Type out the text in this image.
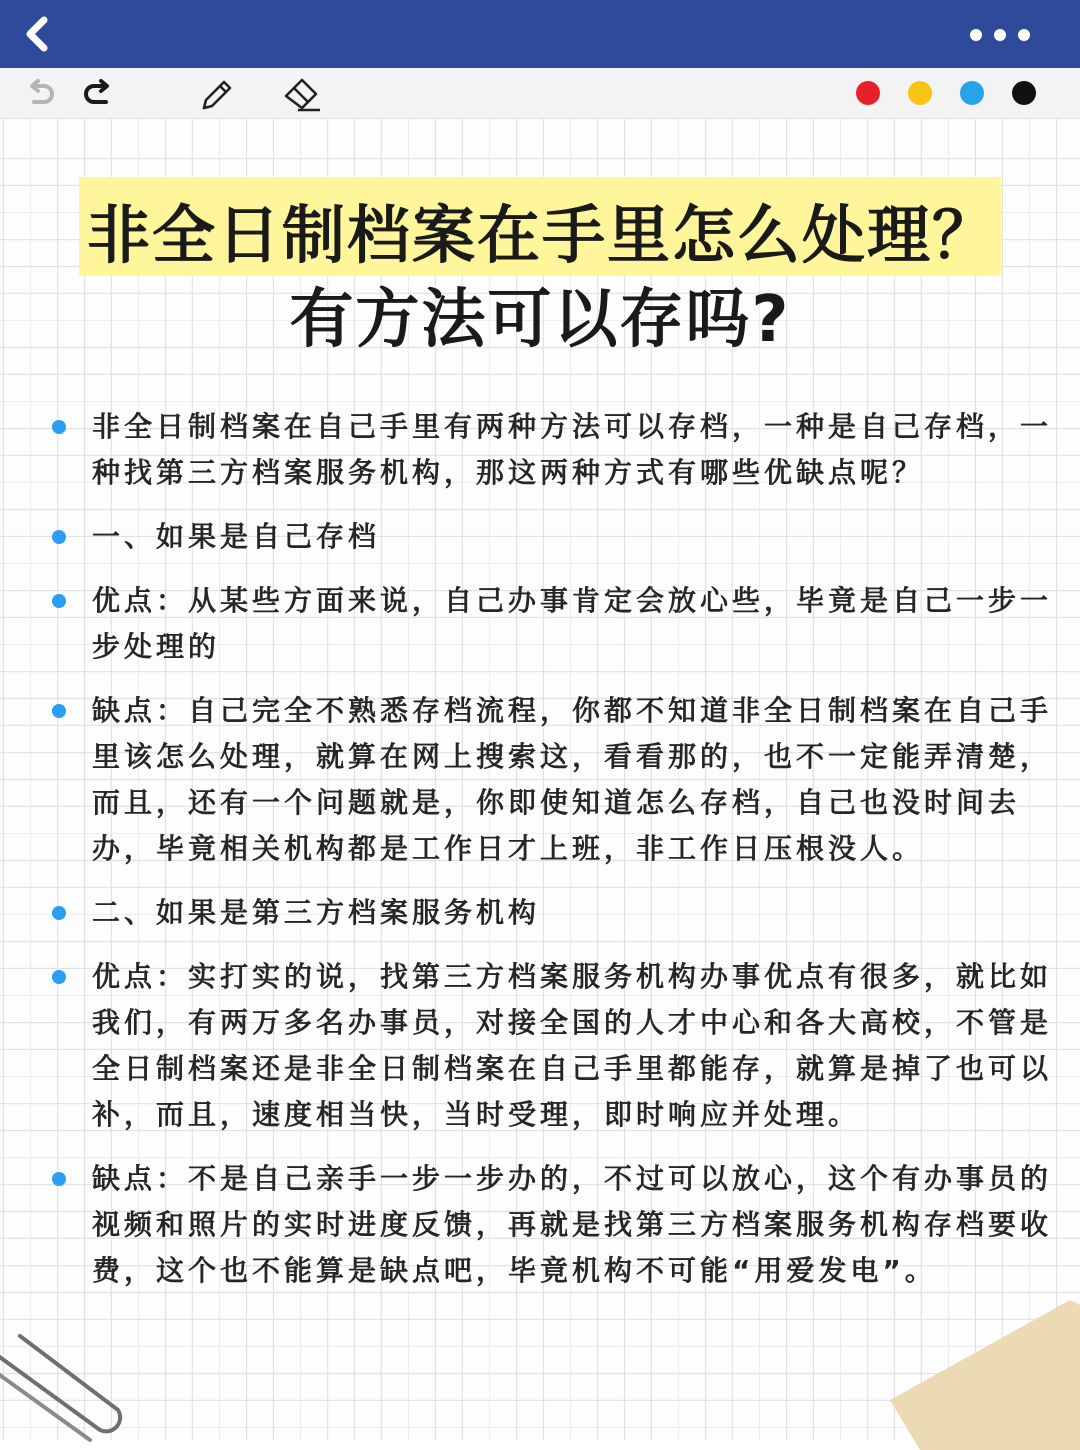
非全日制档案在手里怎么处理？
有方法可以存吗?
非全日制档案在自己手里有两种方法可以存档，一种是自己存档，一种找第三方档案服务机构，那这两种方式有哪些优缺点呢？
一、如果是自己存档
优点：从某些方面来说，自己办事肯定会放心些，毕竟是自己一步一步处理的
缺点：自己完全不熟悉存档流程，你都不知道非全日制档案在自己手里该怎么处理，就算在网上搜索这，看看那的，也不一定能弄清楚，而且，还有一个问题就是，你即使知道怎么存档，自己也没时间去办，毕竟相关机构都是工作日才上班，非工作日压根没人。
二、如果是第三方档案服务机构
优点：实打实的说，找第三方档案服务机构办事优点有很多，就比如我们，有两万多名办事员，对接全国的人才中心和各大高校，不管是全日制档案还是非全日制档案在自己手里都能存，就算是掉了也可以补，而且，速度相当快，当时受理，即时响应并处理。
缺点：不是自己亲手一步一步办的，不过可以放心，这个有办事员的视频和照片的实时进度反馈，再就是找第三方档案服务机构存档要收费，这个也不能算是缺点吧，毕竟机构不可能“用爱发电”。
